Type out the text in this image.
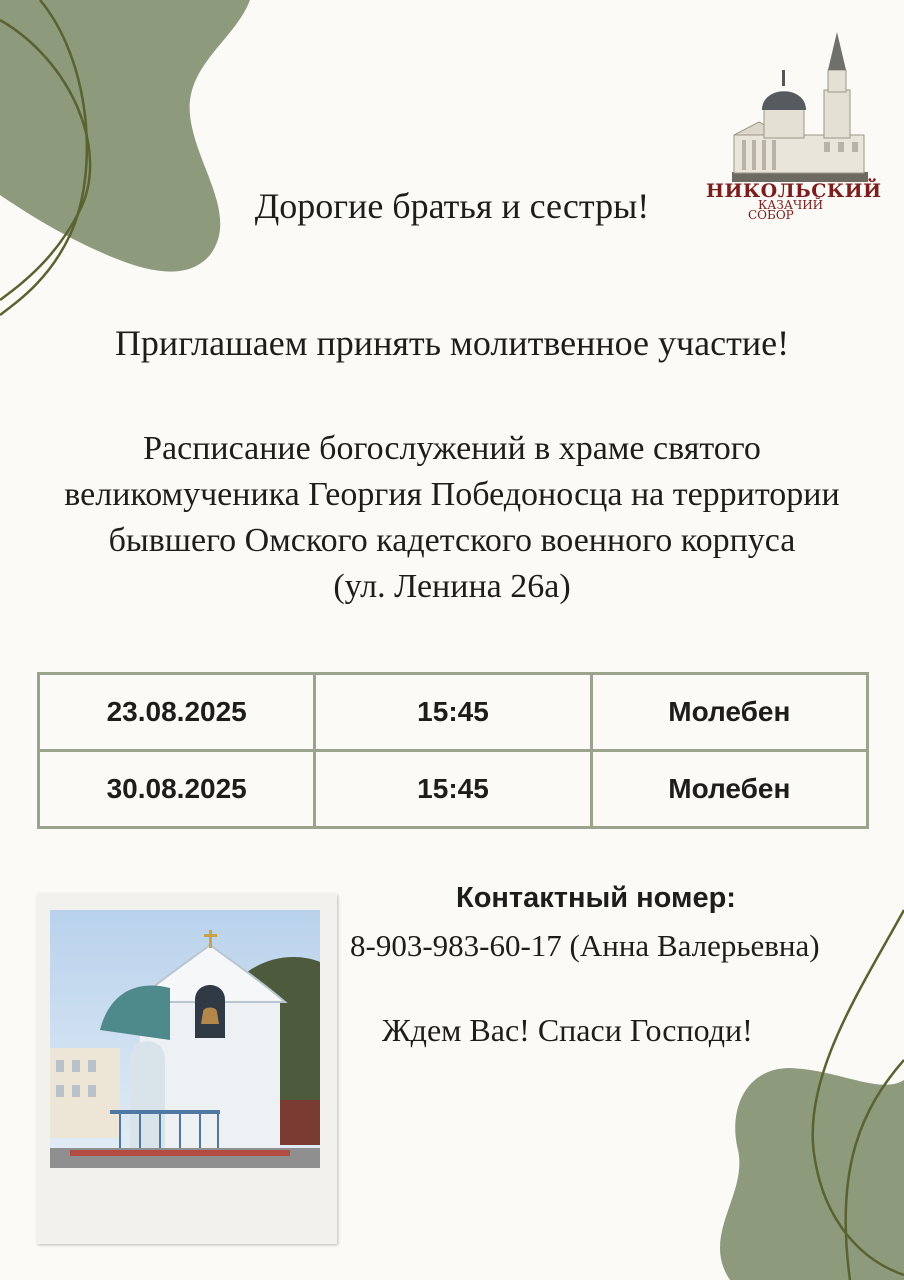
НИКОЛЬСКИЙ
КАЗАЧИЙ
СОБОР
Дорогие братья и сестры!
Приглашаем принять молитвенное участие!
Расписание богослужений в храме святого
великомученика Георгия Победоносца на территории
бывшего Омского кадетского военного корпуса
(ул. Ленина 26а)
23.08.2025	15:45	Молебен
30.08.2025	15:45	Молебен
Контактный номер:
8-903-983-60-17 (Анна Валерьевна)
Ждем Вас! Спаси Господи!
